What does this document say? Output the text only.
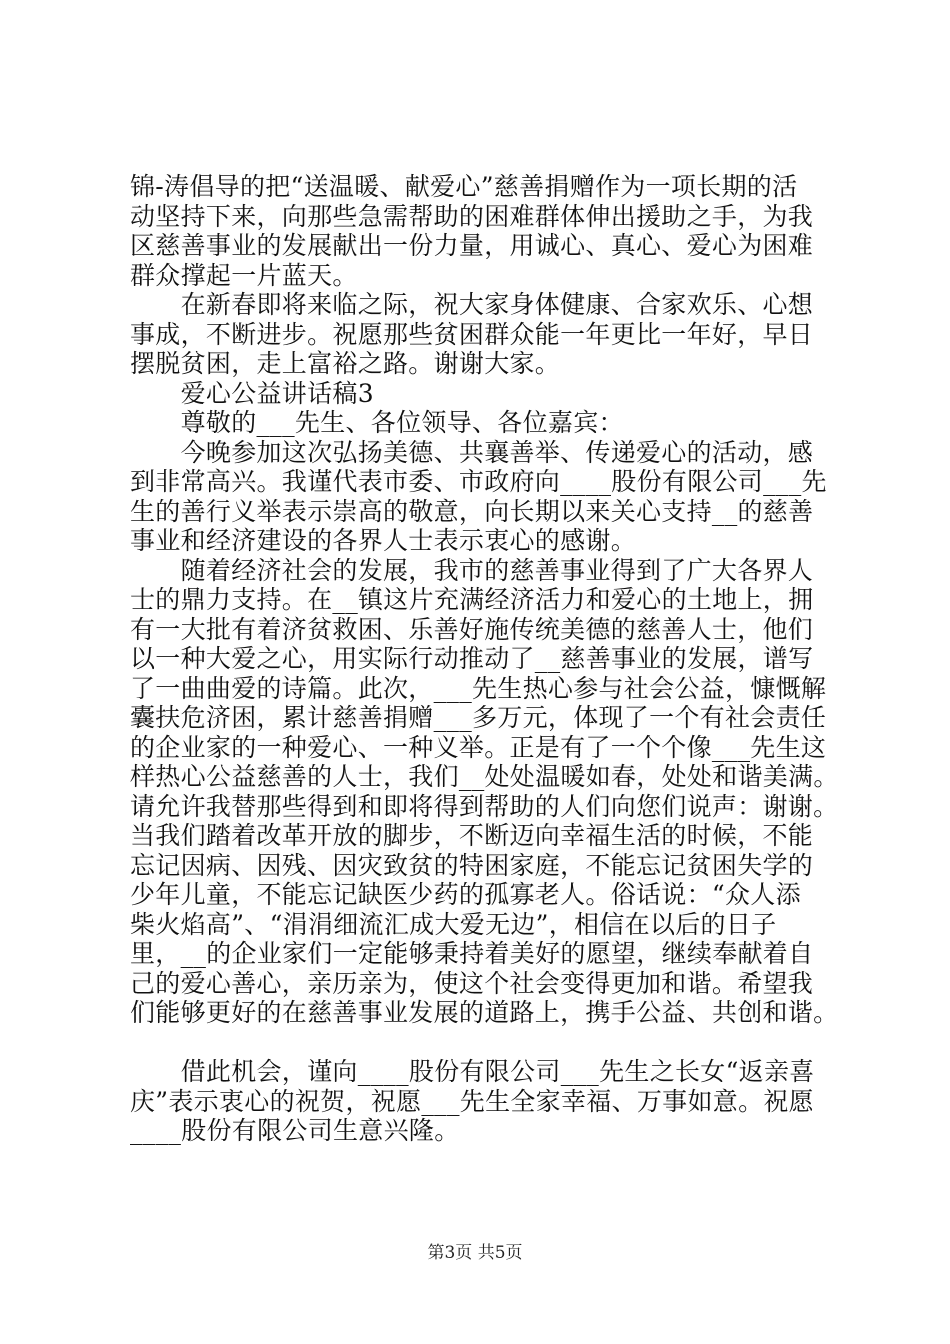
锦-涛倡导的把“送温暖、献爱心”慈善捐赠作为一项长期的活
动坚持下来，向那些急需帮助的困难群体伸出援助之手，为我
区慈善事业的发展献出一份力量，用诚心、真心、爱心为困难
群众撑起一片蓝天。
　　在新春即将来临之际，祝大家身体健康、合家欢乐、心想
事成，不断进步。祝愿那些贫困群众能一年更比一年好，早日
摆脱贫困，走上富裕之路。谢谢大家。
　　爱心公益讲话稿3
　　尊敬的___先生、各位领导、各位嘉宾：
　　今晚参加这次弘扬美德、共襄善举、传递爱心的活动，感
到非常高兴。我谨代表市委、市政府向____股份有限公司___先
生的善行义举表示崇高的敬意，向长期以来关心支持__的慈善
事业和经济建设的各界人士表示衷心的感谢。
　　随着经济社会的发展，我市的慈善事业得到了广大各界人
士的鼎力支持。在__镇这片充满经济活力和爱心的土地上，拥
有一大批有着济贫救困、乐善好施传统美德的慈善人士，他们
以一种大爱之心，用实际行动推动了__慈善事业的发展，谱写
了一曲曲爱的诗篇。此次，___先生热心参与社会公益，慷慨解
囊扶危济困，累计慈善捐赠___多万元，体现了一个有社会责任
的企业家的一种爱心、一种义举。正是有了一个个像___先生这
样热心公益慈善的人士，我们__处处温暖如春，处处和谐美满。
请允许我替那些得到和即将得到帮助的人们向您们说声：谢谢。
当我们踏着改革开放的脚步，不断迈向幸福生活的时候，不能
忘记因病、因残、因灾致贫的特困家庭，不能忘记贫困失学的
少年儿童，不能忘记缺医少药的孤寡老人。俗话说：“众人添
柴火焰高”、“涓涓细流汇成大爱无边”，相信在以后的日子
里，__的企业家们一定能够秉持着美好的愿望，继续奉献着自
己的爱心善心，亲历亲为，使这个社会变得更加和谐。希望我
们能够更好的在慈善事业发展的道路上，携手公益、共创和谐。
　　借此机会，谨向____股份有限公司___先生之长女“返亲喜
庆”表示衷心的祝贺，祝愿___先生全家幸福、万事如意。祝愿
____股份有限公司生意兴隆。
第3页 共5页
